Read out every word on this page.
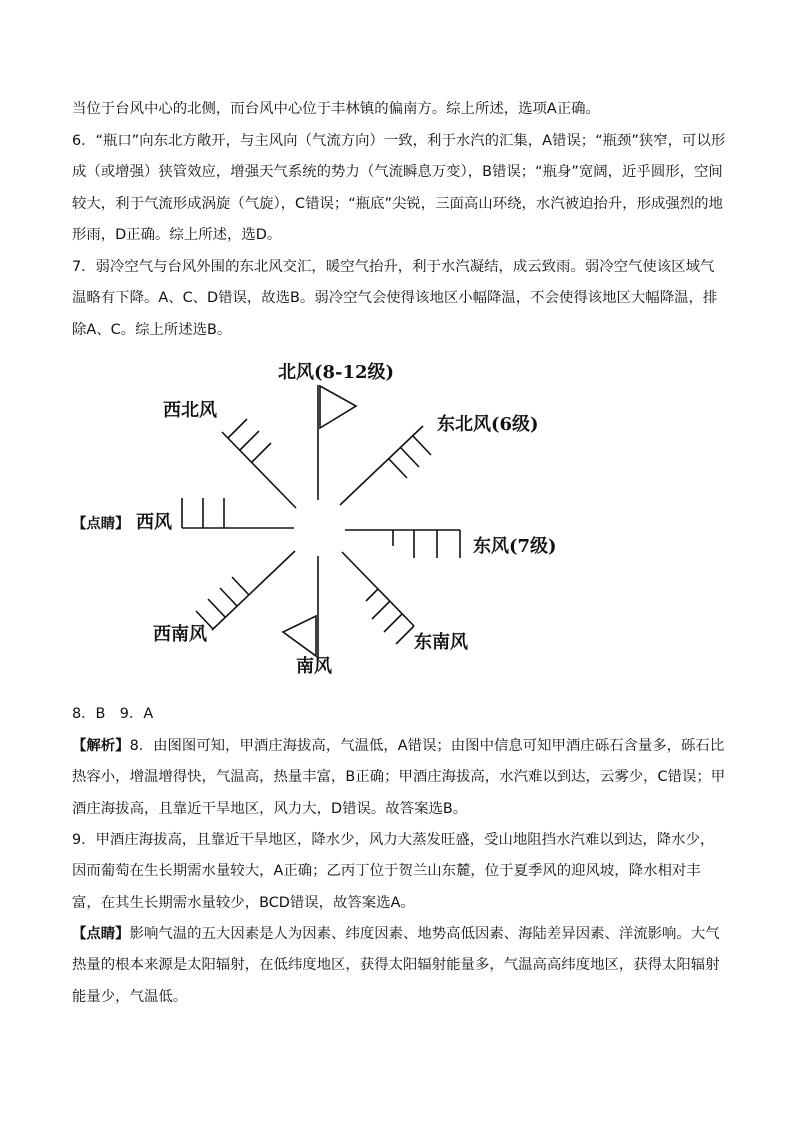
当位于台风中心的北侧，而台风中心位于丰林镇的偏南方。综上所述，选项A正确。

6．“瓶口”向东北方敞开，与主风向（气流方向）一致，利于水汽的汇集，A错误；“瓶颈”狭窄，可以形成（或增强）狭管效应，增强天气系统的势力（气流瞬息万变），B错误；“瓶身”宽阔，近乎圆形，空间较大，利于气流形成涡旋（气旋），C错误；“瓶底”尖锐，三面高山环绕，水汽被迫抬升，形成强烈的地形雨，D正确。综上所述，选D。

7．弱冷空气与台风外围的东北风交汇，暖空气抬升，利于水汽凝结，成云致雨。弱冷空气使该区域气温略有下降。A、C、D错误，故选B。弱冷空气会使得该地区小幅降温，不会使得该地区大幅降温，排除A、C。综上所述选B。

北风(8-12级)
西北风
东北风(6级)
【点睛】 西风
东风(7级)
西南风
南风
东南风

8．B　9．A

【解析】8．由图图可知，甲酒庄海拔高，气温低，A错误；由图中信息可知甲酒庄砾石含量多，砾石比热容小，增温增得快，气温高，热量丰富，B正确；甲酒庄海拔高，水汽难以到达，云雾少，C错误；甲酒庄海拔高，且靠近干旱地区，风力大，D错误。故答案选B。

9．甲酒庄海拔高，且靠近干旱地区，降水少，风力大蒸发旺盛，受山地阻挡水汽难以到达，降水少，因而葡萄在生长期需水量较大，A正确；乙丙丁位于贺兰山东麓，位于夏季风的迎风坡，降水相对丰富，在其生长期需水量较少，BCD错误，故答案选A。

【点睛】影响气温的五大因素是人为因素、纬度因素、地势高低因素、海陆差异因素、洋流影响。大气热量的根本来源是太阳辐射，在低纬度地区，获得太阳辐射能量多，气温高高纬度地区，获得太阳辐射能量少，气温低。
